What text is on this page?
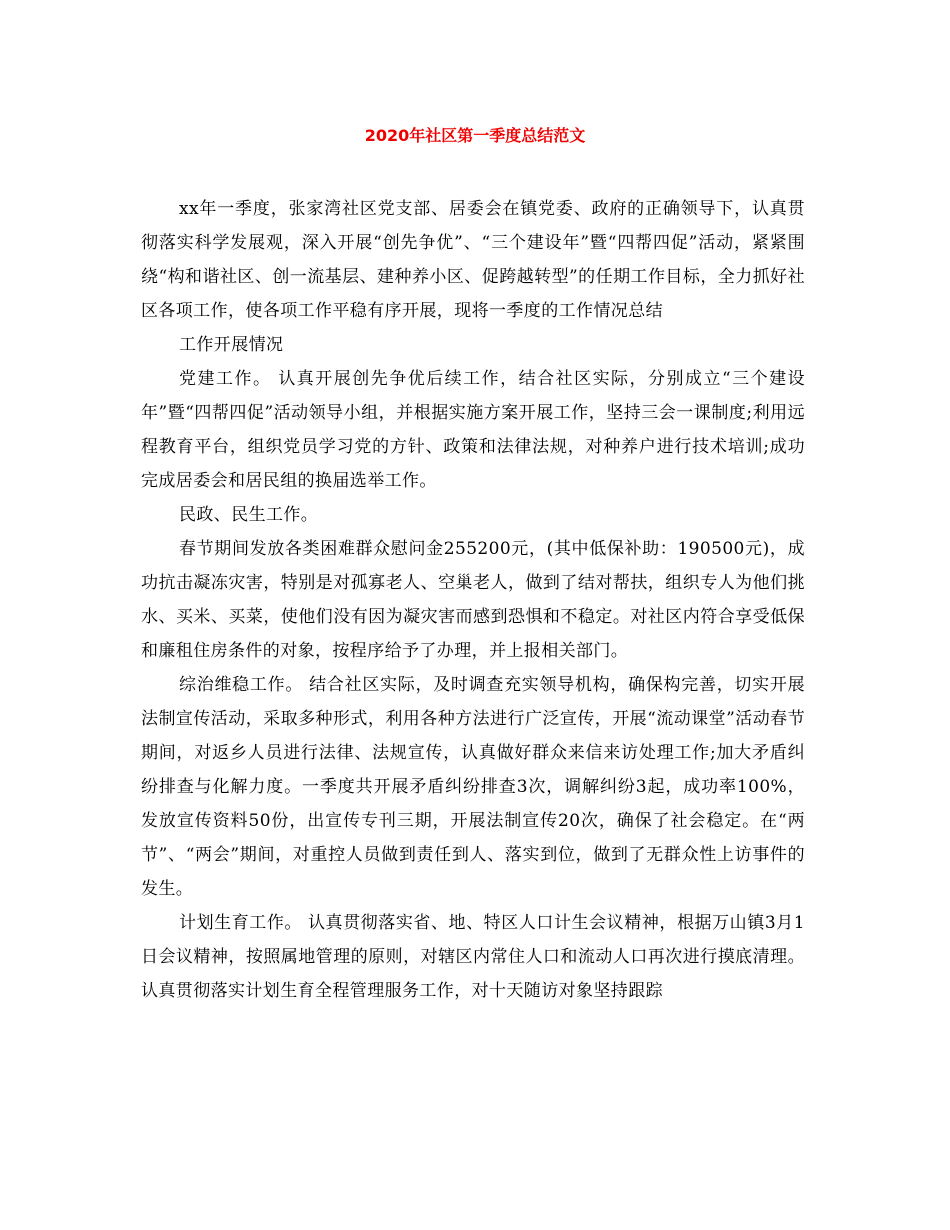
2020年社区第一季度总结范文

xx年一季度，张家湾社区党支部、居委会在镇党委、政府的正确领导下，认真贯彻落实科学发展观，深入开展“创先争优”、“三个建设年”暨“四帮四促”活动，紧紧围绕“构和谐社区、创一流基层、建种养小区、促跨越转型”的任期工作目标，全力抓好社区各项工作，使各项工作平稳有序开展，现将一季度的工作情况总结

工作开展情况

党建工作。 认真开展创先争优后续工作，结合社区实际，分别成立“三个建设年”暨“四帮四促”活动领导小组，并根据实施方案开展工作，坚持三会一课制度;利用远程教育平台，组织党员学习党的方针、政策和法律法规，对种养户进行技术培训;成功完成居委会和居民组的换届选举工作。

民政、民生工作。

春节期间发放各类困难群众慰问金255200元，(其中低保补助：190500元)，成功抗击凝冻灾害，特别是对孤寡老人、空巢老人，做到了结对帮扶，组织专人为他们挑水、买米、买菜，使他们没有因为凝灾害而感到恐惧和不稳定。对社区内符合享受低保和廉租住房条件的对象，按程序给予了办理，并上报相关部门。

综治维稳工作。 结合社区实际，及时调查充实领导机构，确保构完善，切实开展法制宣传活动，采取多种形式，利用各种方法进行广泛宣传，开展“流动课堂”活动春节期间，对返乡人员进行法律、法规宣传，认真做好群众来信来访处理工作;加大矛盾纠纷排查与化解力度。一季度共开展矛盾纠纷排查3次，调解纠纷3起，成功率100%，发放宣传资料50份，出宣传专刊三期，开展法制宣传20次，确保了社会稳定。在“两节”、“两会”期间，对重控人员做到责任到人、落实到位，做到了无群众性上访事件的发生。

计划生育工作。 认真贯彻落实省、地、特区人口计生会议精神，根据万山镇3月1日会议精神，按照属地管理的原则，对辖区内常住人口和流动人口再次进行摸底清理。认真贯彻落实计划生育全程管理服务工作，对十天随访对象坚持跟踪
